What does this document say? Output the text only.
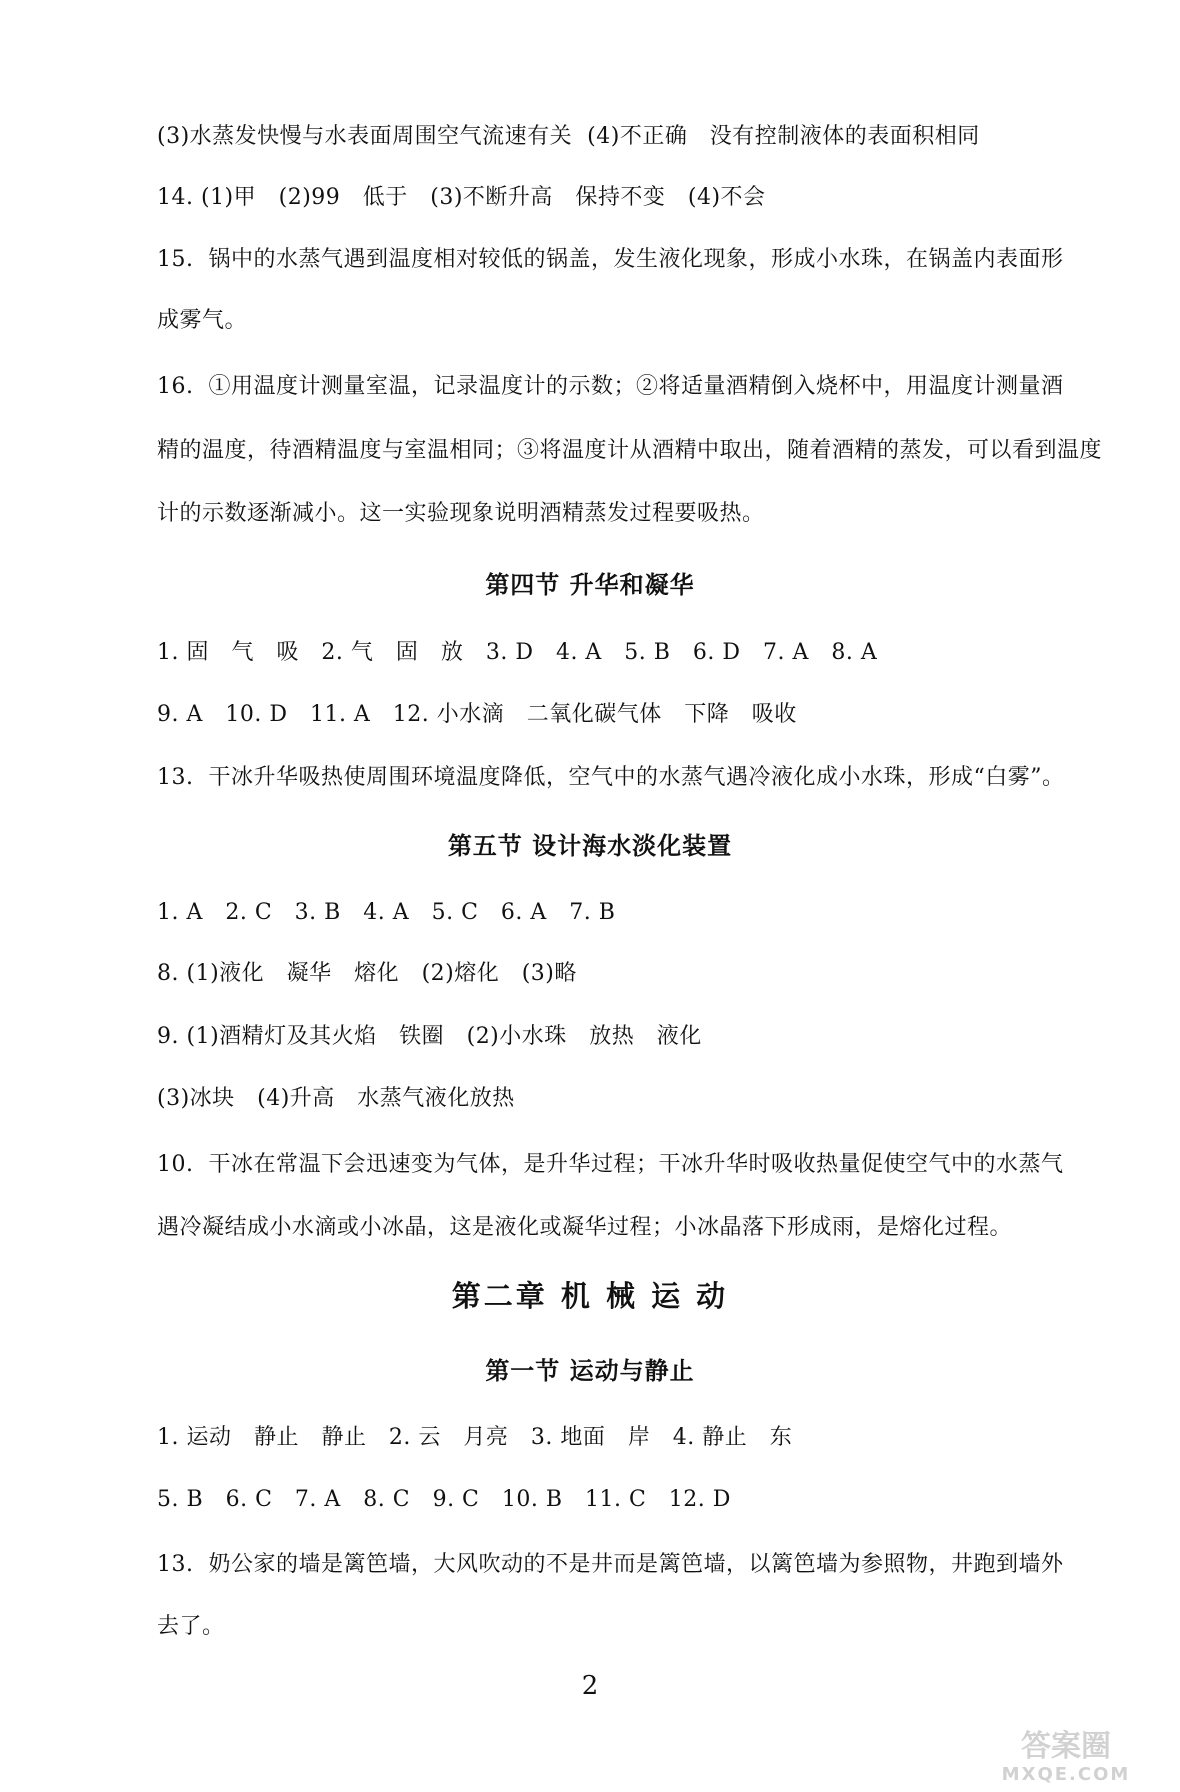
(3)水蒸发快慢与水表面周围空气流速有关  (4)不正确   没有控制液体的表面积相同
14. (1)甲   (2)99   低于   (3)不断升高   保持不变   (4)不会
15.  锅中的水蒸气遇到温度相对较低的锅盖，发生液化现象，形成小水珠，在锅盖内表面形
成雾气。
16.  ①用温度计测量室温，记录温度计的示数；②将适量酒精倒入烧杯中，用温度计测量酒
精的温度，待酒精温度与室温相同；③将温度计从酒精中取出，随着酒精的蒸发，可以看到温度
计的示数逐渐减小。这一实验现象说明酒精蒸发过程要吸热。
第四节 升华和凝华
1. 固   气   吸   2. 气   固   放   3. D   4. A   5. B   6. D   7. A   8. A
9. A   10. D   11. A   12. 小水滴   二氧化碳气体   下降   吸收
13.  干冰升华吸热使周围环境温度降低，空气中的水蒸气遇冷液化成小水珠，形成“白雾”。
第五节 设计海水淡化装置
1. A   2. C   3. B   4. A   5. C   6. A   7. B
8. (1)液化   凝华   熔化   (2)熔化   (3)略
9. (1)酒精灯及其火焰   铁圈   (2)小水珠   放热   液化
(3)冰块   (4)升高   水蒸气液化放热
10.  干冰在常温下会迅速变为气体，是升华过程；干冰升华时吸收热量促使空气中的水蒸气
遇冷凝结成小水滴或小冰晶，这是液化或凝华过程；小冰晶落下形成雨，是熔化过程。
第二章 机 械 运 动
第一节 运动与静止
1. 运动   静止   静止   2. 云   月亮   3. 地面   岸   4. 静止   东
5. B   6. C   7. A   8. C   9. C   10. B   11. C   12. D
13.  奶公家的墙是篱笆墙，大风吹动的不是井而是篱笆墙，以篱笆墙为参照物，井跑到墙外
去了。
2
答案圈
MXQE.COM
